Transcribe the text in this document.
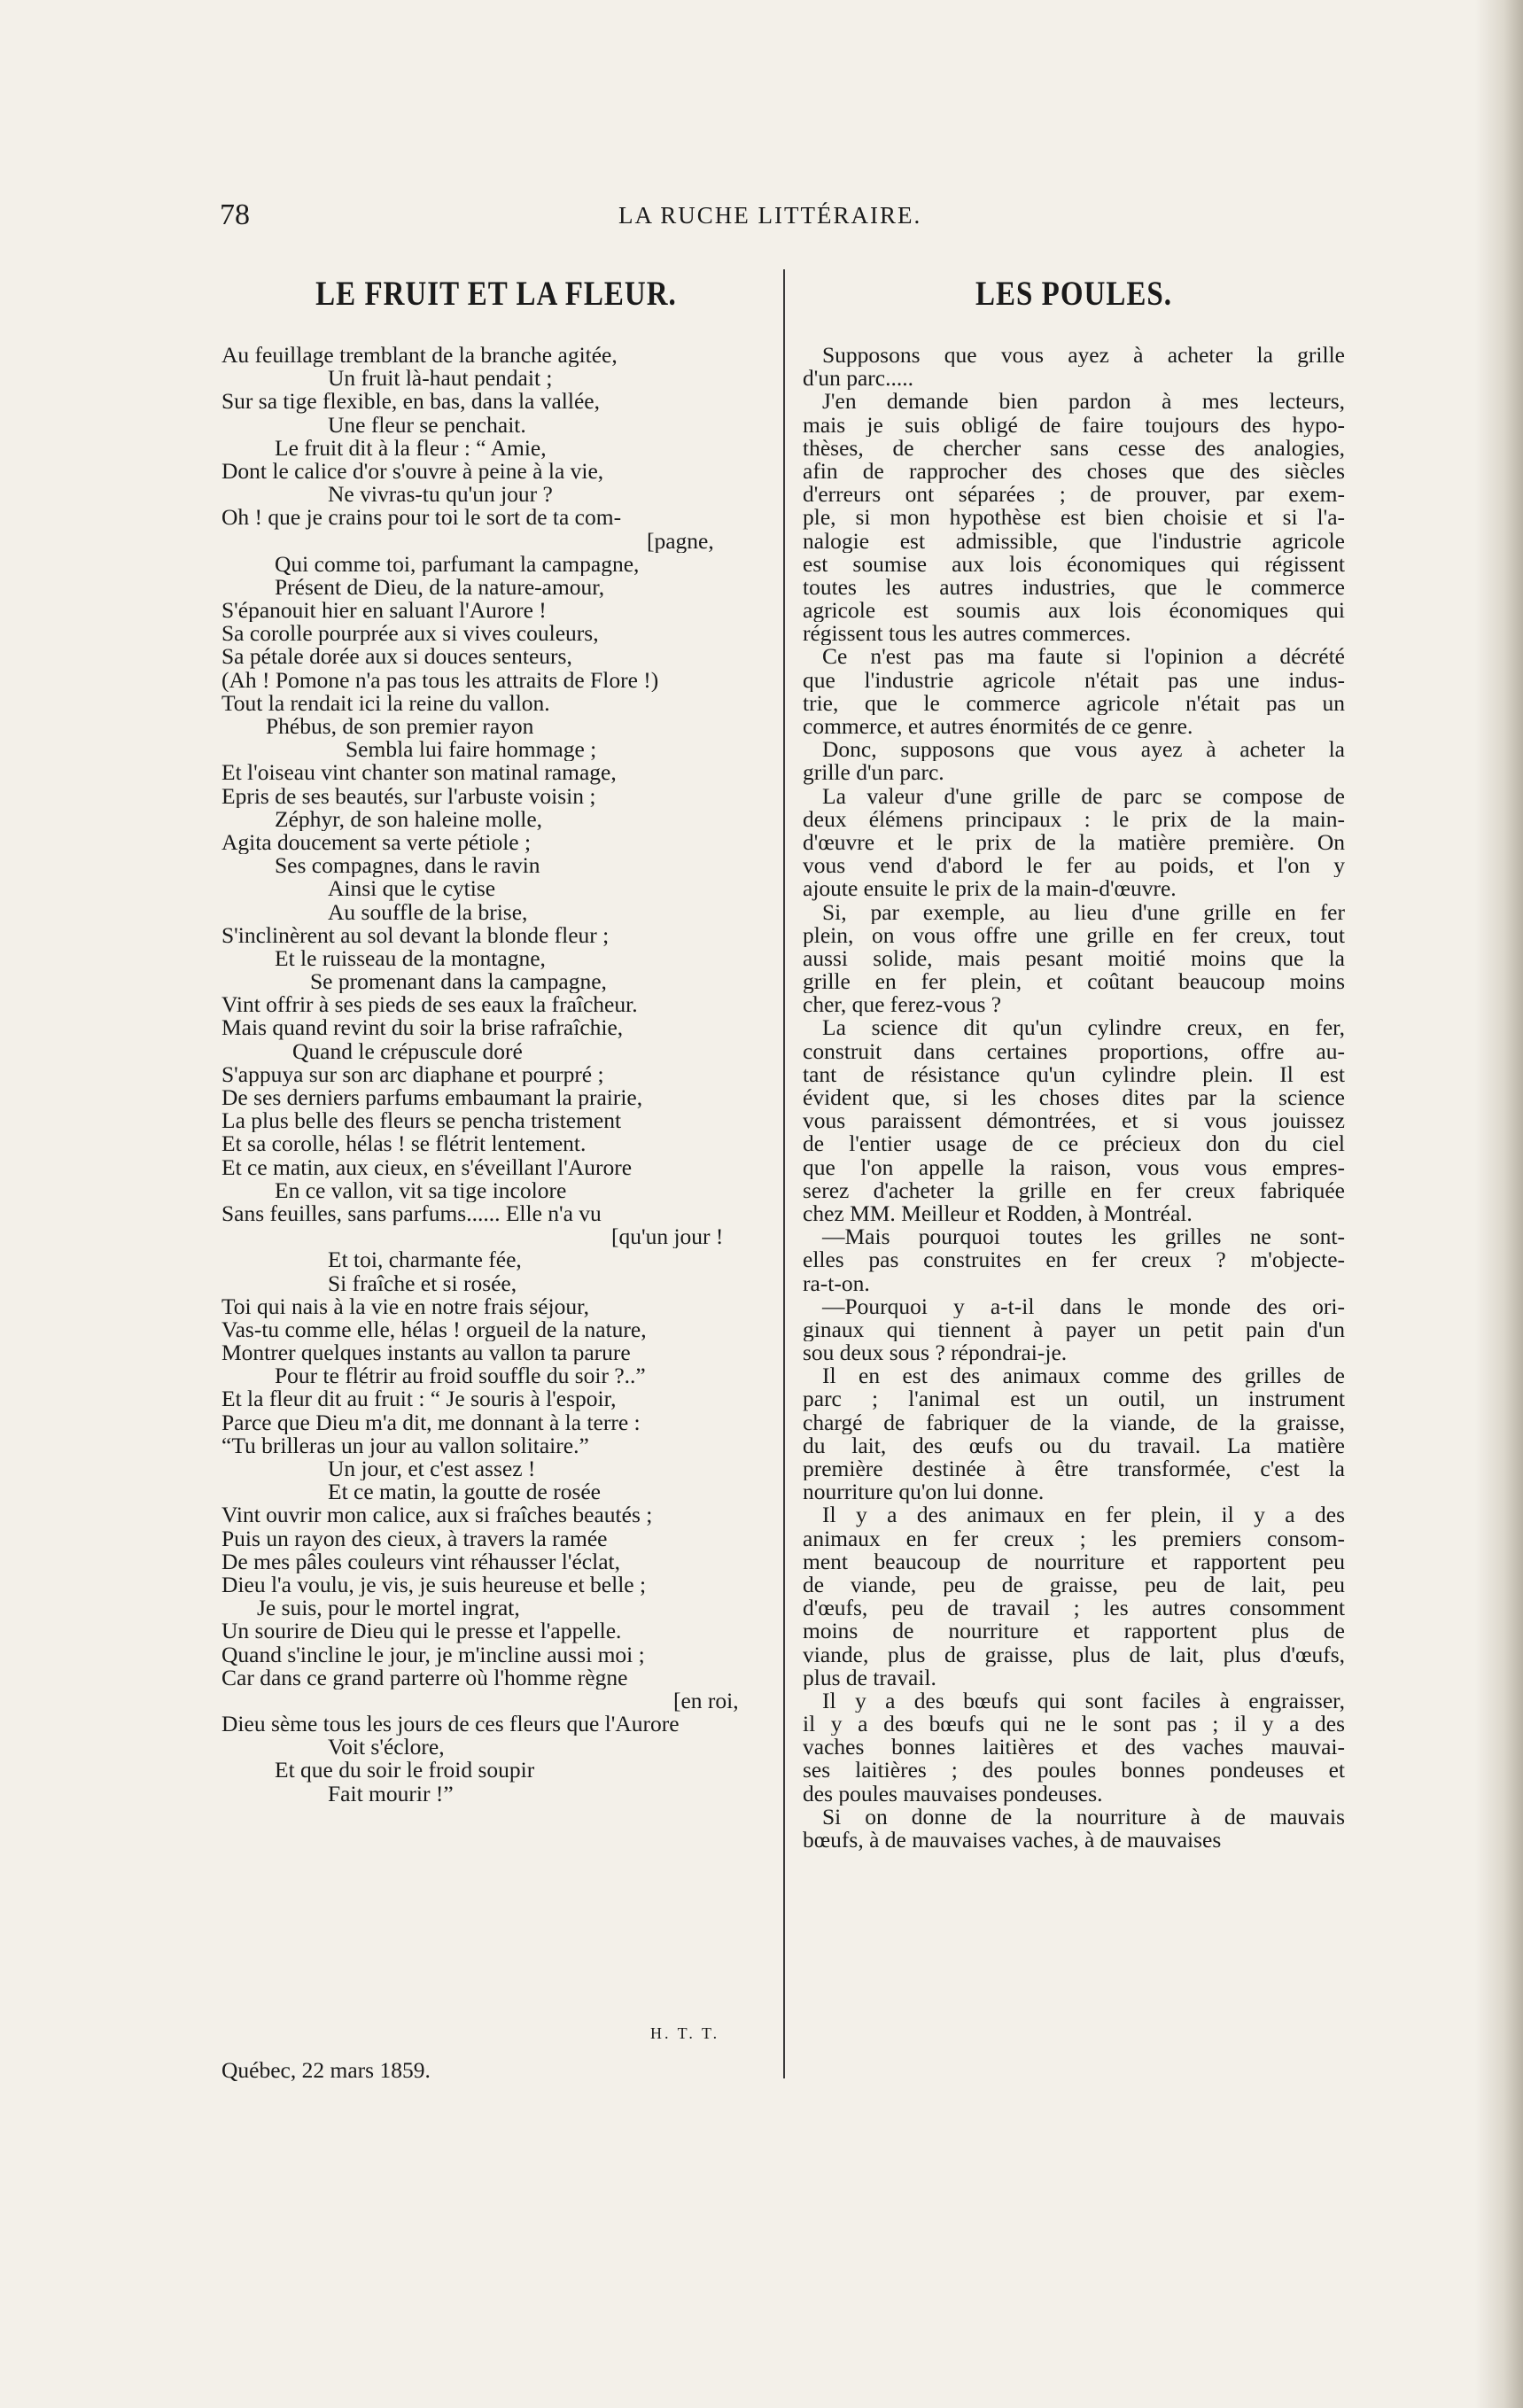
78	LA RUCHE LITTÉRAIRE.
LE FRUIT ET LA FLEUR.
Au feuillage tremblant de la branche agitée,
Un fruit là-haut pendait ;
Sur sa tige flexible, en bas, dans la vallée,
Une fleur se penchait.
Le fruit dit à la fleur : “ Amie,
Dont le calice d'or s'ouvre à peine à la vie,
Ne vivras-tu qu'un jour ?
Oh ! que je crains pour toi le sort de ta com-
[pagne,
Qui comme toi, parfumant la campagne,
Présent de Dieu, de la nature-amour,
S'épanouit hier en saluant l'Aurore !
Sa corolle pourprée aux si vives couleurs,
Sa pétale dorée aux si douces senteurs,
(Ah ! Pomone n'a pas tous les attraits de Flore !)
Tout la rendait ici la reine du vallon.
Phébus, de son premier rayon
Sembla lui faire hommage ;
Et l'oiseau vint chanter son matinal ramage,
Epris de ses beautés, sur l'arbuste voisin ;
Zéphyr, de son haleine molle,
Agita doucement sa verte pétiole ;
Ses compagnes, dans le ravin
Ainsi que le cytise
Au souffle de la brise,
S'inclinèrent au sol devant la blonde fleur ;
Et le ruisseau de la montagne,
Se promenant dans la campagne,
Vint offrir à ses pieds de ses eaux la fraîcheur.
Mais quand revint du soir la brise rafraîchie,
Quand le crépuscule doré
S'appuya sur son arc diaphane et pourpré ;
De ses derniers parfums embaumant la prairie,
La plus belle des fleurs se pencha tristement
Et sa corolle, hélas ! se flétrit lentement.
Et ce matin, aux cieux, en s'éveillant l'Aurore
En ce vallon, vit sa tige incolore
Sans feuilles, sans parfums...... Elle n'a vu
[qu'un jour !
Et toi, charmante fée,
Si fraîche et si rosée,
Toi qui nais à la vie en notre frais séjour,
Vas-tu comme elle, hélas ! orgueil de la nature,
Montrer quelques instants au vallon ta parure
Pour te flétrir au froid souffle du soir ?..”
Et la fleur dit au fruit : “ Je souris à l'espoir,
Parce que Dieu m'a dit, me donnant à la terre :
“Tu brilleras un jour au vallon solitaire.”
Un jour, et c'est assez !
Et ce matin, la goutte de rosée
Vint ouvrir mon calice, aux si fraîches beautés ;
Puis un rayon des cieux, à travers la ramée
De mes pâles couleurs vint réhausser l'éclat,
Dieu l'a voulu, je vis, je suis heureuse et belle ;
Je suis, pour le mortel ingrat,
Un sourire de Dieu qui le presse et l'appelle.
Quand s'incline le jour, je m'incline aussi moi ;
Car dans ce grand parterre où l'homme règne
[en roi,
Dieu sème tous les jours de ces fleurs que l'Aurore
Voit s'éclore,
Et que du soir le froid soupir
Fait mourir !”
H. T. T.
Québec, 22 mars 1859.
LES POULES.
Supposons que vous ayez à acheter la grille
d'un parc.....
J'en demande bien pardon à mes lecteurs,
mais je suis obligé de faire toujours des hypo-
thèses, de chercher sans cesse des analogies,
afin de rapprocher des choses que des siècles
d'erreurs ont séparées ; de prouver, par exem-
ple, si mon hypothèse est bien choisie et si l'a-
nalogie est admissible, que l'industrie agricole
est soumise aux lois économiques qui régissent
toutes les autres industries, que le commerce
agricole est soumis aux lois économiques qui
régissent tous les autres commerces.
Ce n'est pas ma faute si l'opinion a décrété
que l'industrie agricole n'était pas une indus-
trie, que le commerce agricole n'était pas un
commerce, et autres énormités de ce genre.
Donc, supposons que vous ayez à acheter la
grille d'un parc.
La valeur d'une grille de parc se compose de
deux élémens principaux : le prix de la main-
d'œuvre et le prix de la matière première. On
vous vend d'abord le fer au poids, et l'on y
ajoute ensuite le prix de la main-d'œuvre.
Si, par exemple, au lieu d'une grille en fer
plein, on vous offre une grille en fer creux, tout
aussi solide, mais pesant moitié moins que la
grille en fer plein, et coûtant beaucoup moins
cher, que ferez-vous ?
La science dit qu'un cylindre creux, en fer,
construit dans certaines proportions, offre au-
tant de résistance qu'un cylindre plein. Il est
évident que, si les choses dites par la science
vous paraissent démontrées, et si vous jouissez
de l'entier usage de ce précieux don du ciel
que l'on appelle la raison, vous vous empres-
serez d'acheter la grille en fer creux fabriquée
chez MM. Meilleur et Rodden, à Montréal.
—Mais pourquoi toutes les grilles ne sont-
elles pas construites en fer creux ? m'objecte-
ra-t-on.
—Pourquoi y a-t-il dans le monde des ori-
ginaux qui tiennent à payer un petit pain d'un
sou deux sous ? répondrai-je.
Il en est des animaux comme des grilles de
parc ; l'animal est un outil, un instrument
chargé de fabriquer de la viande, de la graisse,
du lait, des œufs ou du travail. La matière
première destinée à être transformée, c'est la
nourriture qu'on lui donne.
Il y a des animaux en fer plein, il y a des
animaux en fer creux ; les premiers consom-
ment beaucoup de nourriture et rapportent peu
de viande, peu de graisse, peu de lait, peu
d'œufs, peu de travail ; les autres consomment
moins de nourriture et rapportent plus de
viande, plus de graisse, plus de lait, plus d'œufs,
plus de travail.
Il y a des bœufs qui sont faciles à engraisser,
il y a des bœufs qui ne le sont pas ; il y a des
vaches bonnes laitières et des vaches mauvai-
ses laitières ; des poules bonnes pondeuses et
des poules mauvaises pondeuses.
Si on donne de la nourriture à de mauvais
bœufs, à de mauvaises vaches, à de mauvaises
